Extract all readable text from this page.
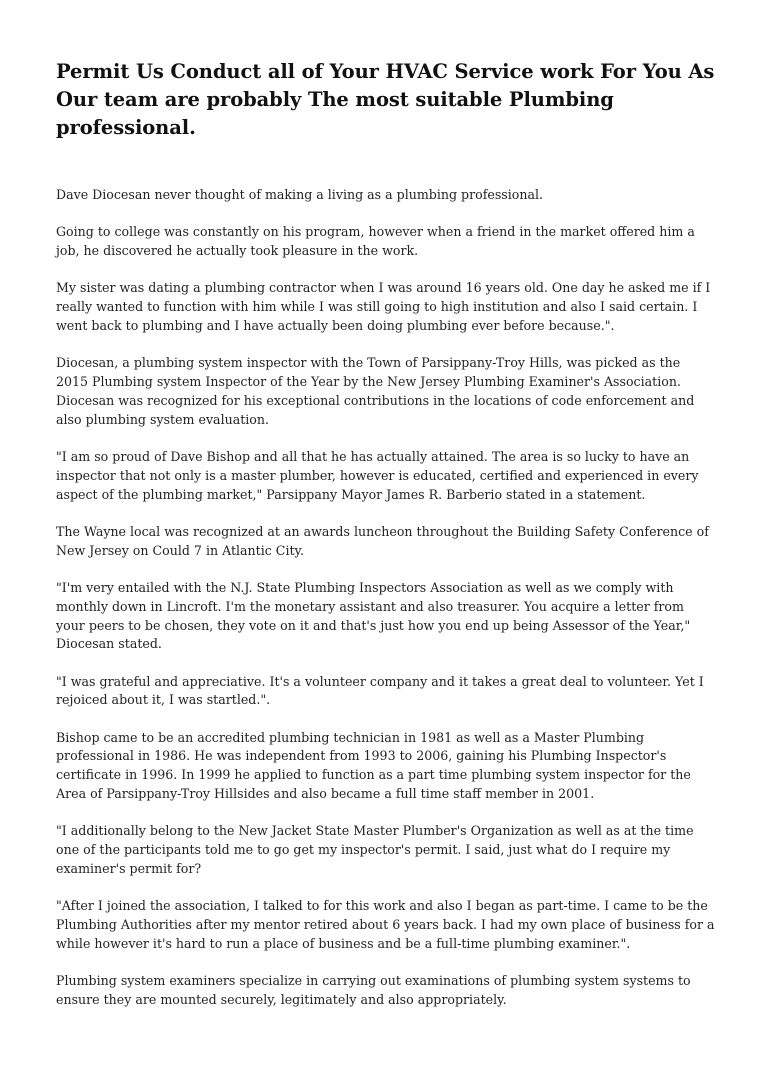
Permit Us Conduct all of Your HVAC Service work For You As Our team are probably The most suitable Plumbing professional.

Dave Diocesan never thought of making a living as a plumbing professional.

Going to college was constantly on his program, however when a friend in the market offered him a job, he discovered he actually took pleasure in the work.

My sister was dating a plumbing contractor when I was around 16 years old. One day he asked me if I really wanted to function with him while I was still going to high institution and also I said certain. I went back to plumbing and I have actually been doing plumbing ever before because.".

Diocesan, a plumbing system inspector with the Town of Parsippany-Troy Hills, was picked as the 2015 Plumbing system Inspector of the Year by the New Jersey Plumbing Examiner's Association. Diocesan was recognized for his exceptional contributions in the locations of code enforcement and also plumbing system evaluation.

"I am so proud of Dave Bishop and all that he has actually attained. The area is so lucky to have an inspector that not only is a master plumber, however is educated, certified and experienced in every aspect of the plumbing market," Parsippany Mayor James R. Barberio stated in a statement.

The Wayne local was recognized at an awards luncheon throughout the Building Safety Conference of New Jersey on Could 7 in Atlantic City.

"I'm very entailed with the N.J. State Plumbing Inspectors Association as well as we comply with monthly down in Lincroft. I'm the monetary assistant and also treasurer. You acquire a letter from your peers to be chosen, they vote on it and that's just how you end up being Assessor of the Year," Diocesan stated.

"I was grateful and appreciative. It's a volunteer company and it takes a great deal to volunteer. Yet I rejoiced about it, I was startled.".

Bishop came to be an accredited plumbing technician in 1981 as well as a Master Plumbing professional in 1986. He was independent from 1993 to 2006, gaining his Plumbing Inspector's certificate in 1996. In 1999 he applied to function as a part time plumbing system inspector for the Area of Parsippany-Troy Hillsides and also became a full time staff member in 2001.

"I additionally belong to the New Jacket State Master Plumber's Organization as well as at the time one of the participants told me to go get my inspector's permit. I said, just what do I require my examiner's permit for?

"After I joined the association, I talked to for this work and also I began as part-time. I came to be the Plumbing Authorities after my mentor retired about 6 years back. I had my own place of business for a while however it's hard to run a place of business and be a full-time plumbing examiner.".

Plumbing system examiners specialize in carrying out examinations of plumbing system systems to ensure they are mounted securely, legitimately and also appropriately.
